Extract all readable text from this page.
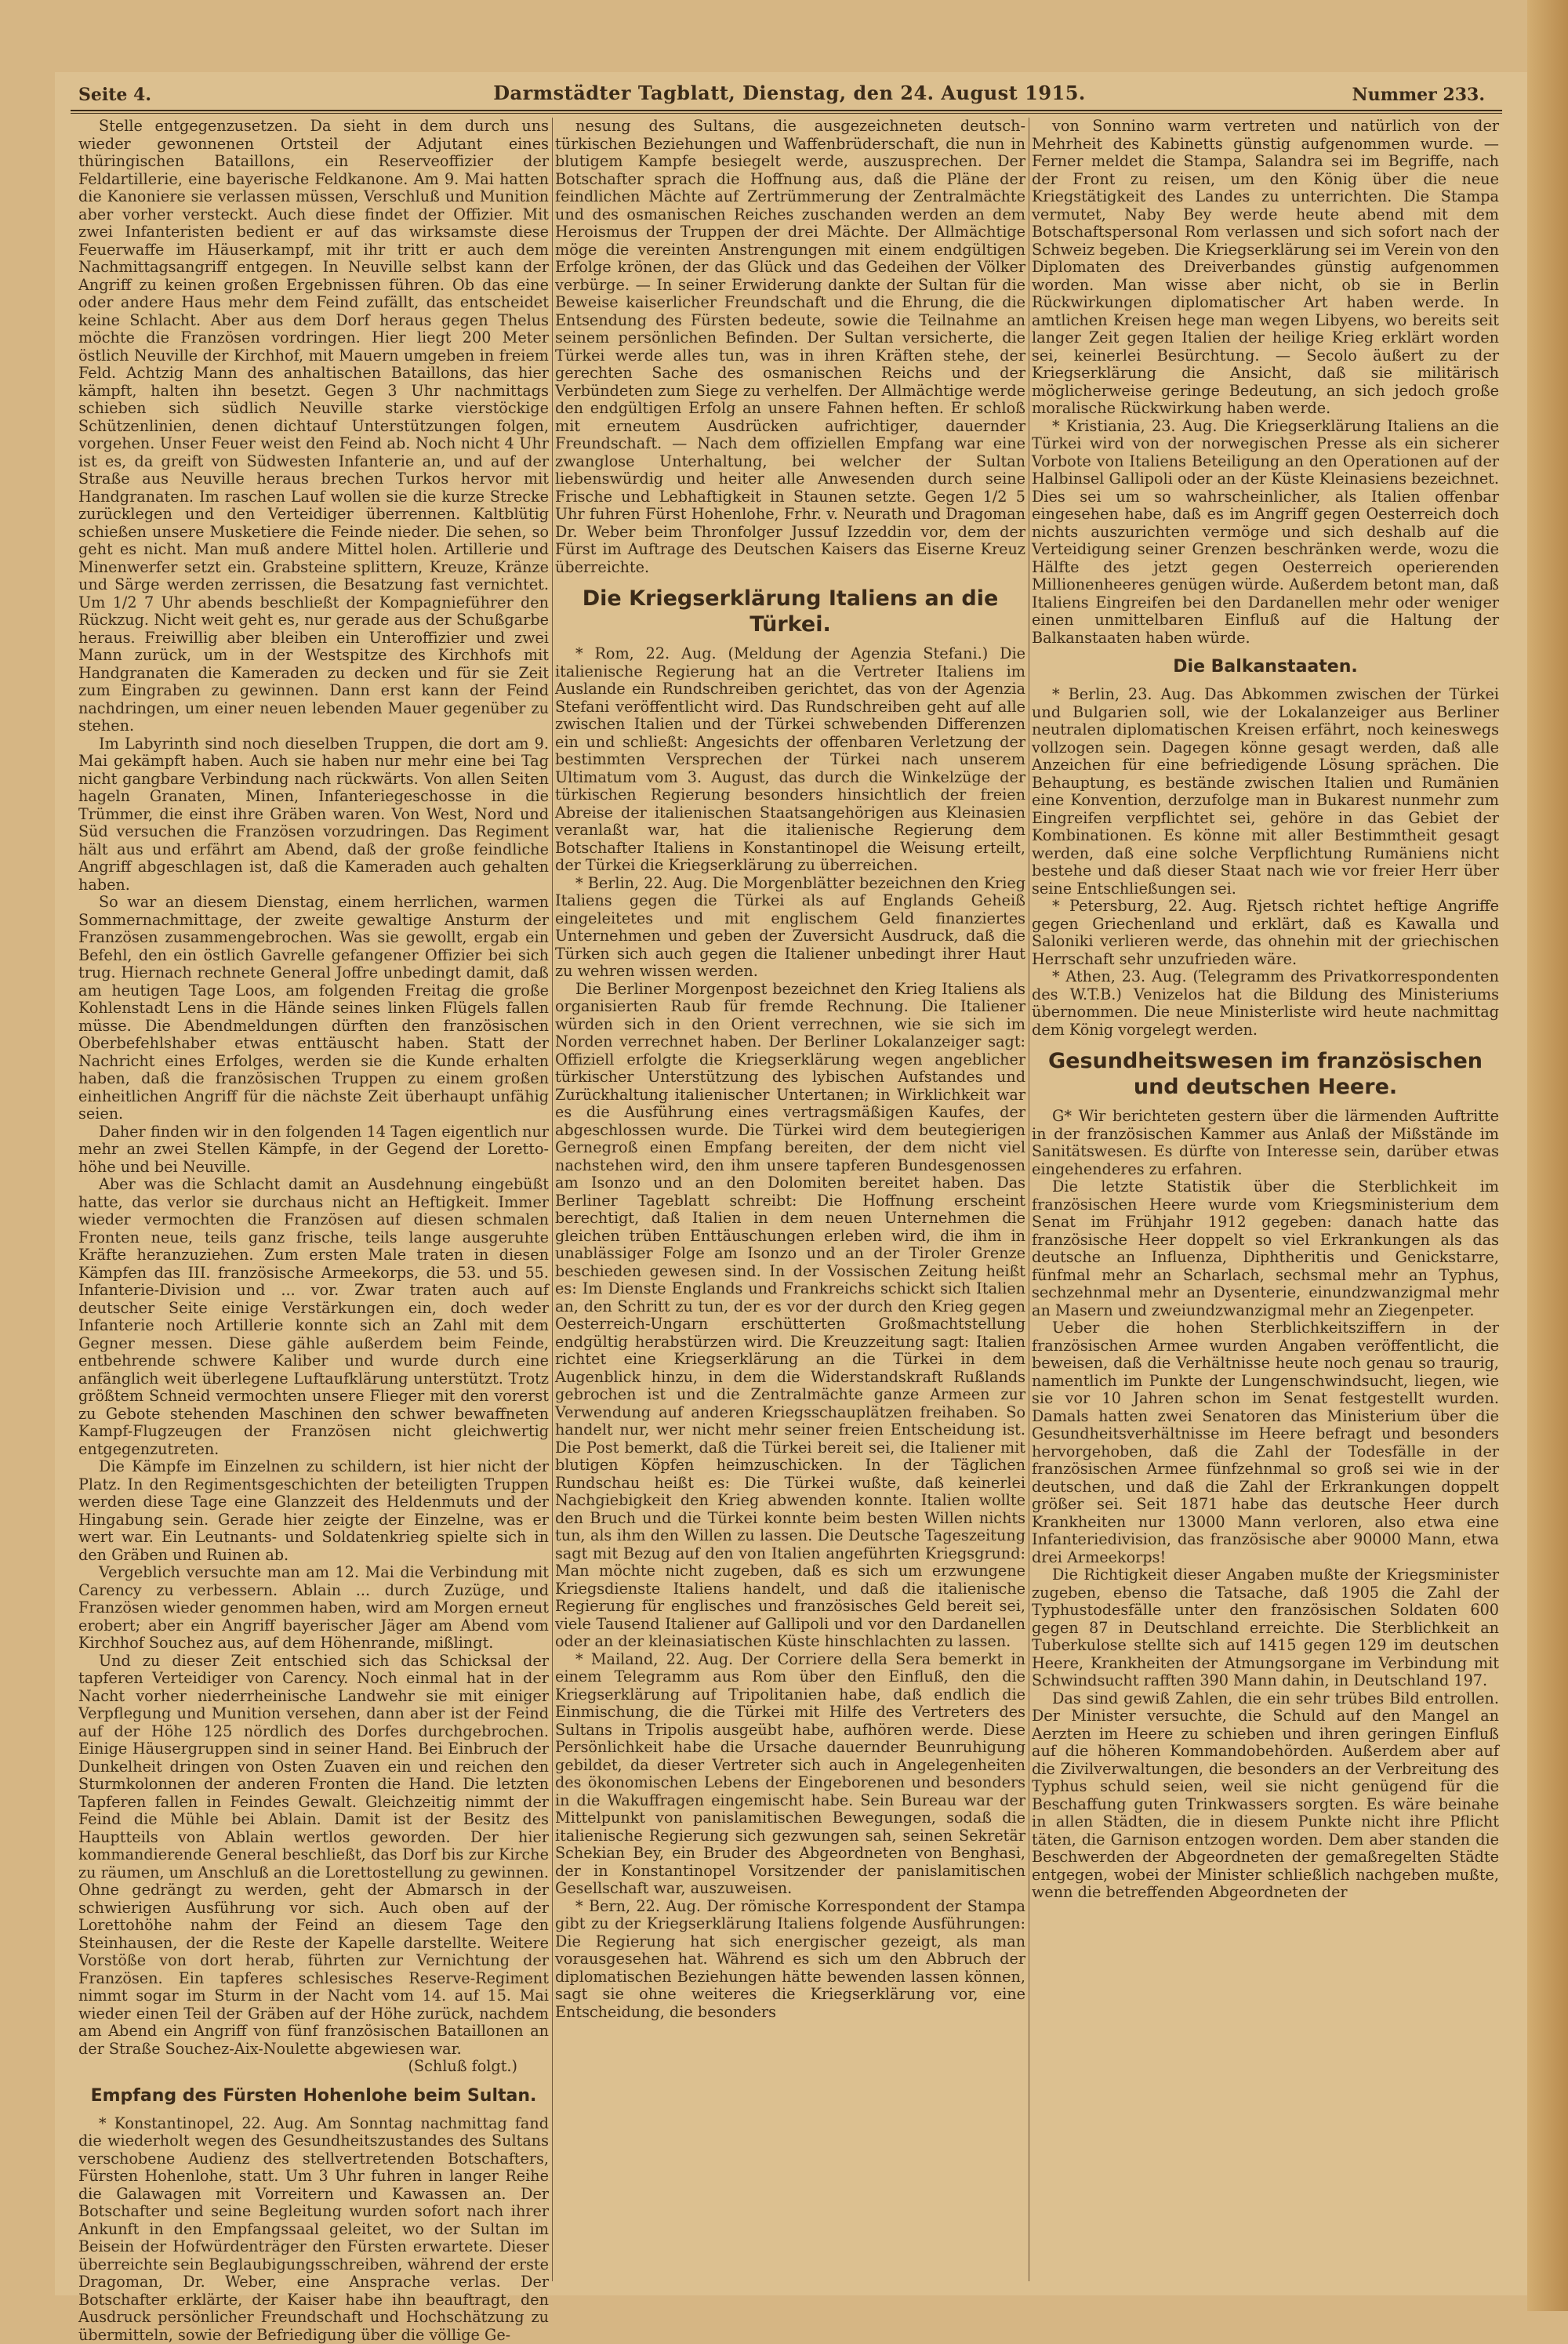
Seite 4.	Darmstädter Tagblatt, Dienstag, den 24. August 1915.	Nummer 233.

Stelle entgegenzusetzen. Da sieht in dem durch uns wieder gewonnenen Ortsteil der Adjutant eines thüringischen Bataillons, ein Reserveoffizier der Feldartillerie, eine bayerische Feldkanone. Am 9. Mai hatten die Kanoniere sie verlassen müssen, Verschluß und Munition aber vorher versteckt. Auch diese findet der Offizier. Mit zwei Infanteristen bedient er auf das wirksamste diese Feuerwaffe im Häuserkampf, mit ihr tritt er auch dem Nachmittagsangriff entgegen. In Neuville selbst kann der Angriff zu keinen großen Ergebnissen führen. Ob das eine oder andere Haus mehr dem Feind zufällt, das entscheidet keine Schlacht. Aber aus dem Dorf heraus gegen Thelus möchte die Französen vordringen. Hier liegt 200 Meter östlich Neuville der Kirchhof, mit Mauern umgeben in freiem Feld. Achtzig Mann des anhaltischen Bataillons, das hier kämpft, halten ihn besetzt. Gegen 3 Uhr nachmittags schieben sich südlich Neuville starke vierstöckige Schützenlinien, denen dichtauf Unterstützungen folgen, vorgehen. Unser Feuer weist den Feind ab. Noch nicht 4 Uhr ist es, da greift von Südwesten Infanterie an, und auf der Straße aus Neuville heraus brechen Turkos hervor mit Handgranaten. Im raschen Lauf wollen sie die kurze Strecke zurücklegen und den Verteidiger überrennen. Kaltblütig schießen unsere Musketiere die Feinde nieder. Die sehen, so geht es nicht. Man muß andere Mittel holen. Artillerie und Minenwerfer setzt ein. Grabsteine splittern, Kreuze, Kränze und Särge werden zerrissen, die Besatzung fast vernichtet. Um 1/2 7 Uhr abends beschließt der Kompagnieführer den Rückzug. Nicht weit geht es, nur gerade aus der Schußgarbe heraus. Freiwillig aber bleiben ein Unteroffizier und zwei Mann zurück, um in der Westspitze des Kirchhofs mit Handgranaten die Kameraden zu decken und für sie Zeit zum Eingraben zu gewinnen. Dann erst kann der Feind nachdringen, um einer neuen lebenden Mauer gegenüber zu stehen.

Im Labyrinth sind noch dieselben Truppen, die dort am 9. Mai gekämpft haben. Auch sie haben nur mehr eine bei Tag nicht gangbare Verbindung nach rückwärts. Von allen Seiten hageln Granaten, Minen, Infanteriegeschosse in die Trümmer, die einst ihre Gräben waren. Von West, Nord und Süd versuchen die Französen vorzudringen. Das Regiment hält aus und erfährt am Abend, daß der große feindliche Angriff abgeschlagen ist, daß die Kameraden auch gehalten haben.

So war an diesem Dienstag, einem herrlichen, warmen Sommernachmittage, der zweite gewaltige Ansturm der Französen zusammengebrochen. Was sie gewollt, ergab ein Befehl, den ein östlich Gavrelle gefangener Offizier bei sich trug. Hiernach rechnete General Joffre unbedingt damit, daß am heutigen Tage Loos, am folgenden Freitag die große Kohlenstadt Lens in die Hände seines linken Flügels fallen müsse. Die Abendmeldungen dürften den französischen Oberbefehlshaber etwas enttäuscht haben. Statt der Nachricht eines Erfolges, werden sie die Kunde erhalten haben, daß die französischen Truppen zu einem großen einheitlichen Angriff für die nächste Zeit überhaupt unfähig seien.

Daher finden wir in den folgenden 14 Tagen eigentlich nur mehr an zwei Stellen Kämpfe, in der Gegend der Lorettohöhe und bei Neuville.

Aber was die Schlacht damit an Ausdehnung eingebüßt hatte, das verlor sie durchaus nicht an Heftigkeit. Immer wieder vermochten die Französen auf diesen schmalen Fronten neue, teils ganz frische, teils lange ausgeruhte Kräfte heranzuziehen. Zum ersten Male traten in diesen Kämpfen das III. französische Armeekorps, die 53. und 55. Infanterie-Division und ... vor. Zwar traten auch auf deutscher Seite einige Verstärkungen ein, doch weder Infanterie noch Artillerie konnte sich an Zahl mit dem Gegner messen. Diese gähle außerdem beim Feinde, entbehrende schwere Kaliber und wurde durch eine anfänglich weit überlegene Luftaufklärung unterstützt. Trotz größtem Schneid vermochten unsere Flieger mit den vorerst zu Gebote stehenden Maschinen den schwer bewaffneten Kampf-Flugzeugen der Französen nicht gleichwertig entgegenzutreten.

Die Kämpfe im Einzelnen zu schildern, ist hier nicht der Platz. In den Regimentsgeschichten der beteiligten Truppen werden diese Tage eine Glanzzeit des Heldenmuts und der Hingabung sein. Gerade hier zeigte der Einzelne, was er wert war. Ein Leutnants- und Soldatenkrieg spielte sich in den Gräben und Ruinen ab.

Vergeblich versuchte man am 12. Mai die Verbindung mit Carency zu verbessern. Ablain ... durch Zuzüge, und Französen wieder genommen haben, wird am Morgen erneut erobert; aber ein Angriff bayerischer Jäger am Abend vom Kirchhof Souchez aus, auf dem Höhenrande, mißlingt.

Und zu dieser Zeit entschied sich das Schicksal der tapferen Verteidiger von Carency. Noch einmal hat in der Nacht vorher niederrheinische Landwehr sie mit einiger Verpflegung und Munition versehen, dann aber ist der Feind auf der Höhe 125 nördlich des Dorfes durchgebrochen. Einige Häusergruppen sind in seiner Hand. Bei Einbruch der Dunkelheit dringen von Osten Zuaven ein und reichen den Sturmkolonnen der anderen Fronten die Hand. Die letzten Tapferen fallen in Feindes Gewalt. Gleichzeitig nimmt der Feind die Mühle bei Ablain. Damit ist der Besitz des Hauptteils von Ablain wertlos geworden. Der hier kommandierende General beschließt, das Dorf bis zur Kirche zu räumen, um Anschluß an die Lorettostellung zu gewinnen. Ohne gedrängt zu werden, geht der Abmarsch in der schwierigen Ausführung vor sich. Auch oben auf der Lorettohöhe nahm der Feind an diesem Tage den Steinhausen, der die Reste der Kapelle darstellte. Weitere Vorstöße von dort herab, führten zur Vernichtung der Französen. Ein tapferes schlesisches Reserve-Regiment nimmt sogar im Sturm in der Nacht vom 14. auf 15. Mai wieder einen Teil der Gräben auf der Höhe zurück, nachdem am Abend ein Angriff von fünf französischen Bataillonen an der Straße Souchez-Aix-Noulette abgewiesen war.

(Schluß folgt.)

Empfang des Fürsten Hohenlohe beim Sultan.

* Konstantinopel, 22. Aug. Am Sonntag nachmittag fand die wiederholt wegen des Gesundheitszustandes des Sultans verschobene Audienz des stellvertretenden Botschafters, Fürsten Hohenlohe, statt. Um 3 Uhr fuhren in langer Reihe die Galawagen mit Vorreitern und Kawassen an. Der Botschafter und seine Begleitung wurden sofort nach ihrer Ankunft in den Empfangssaal geleitet, wo der Sultan im Beisein der Hofwürdenträger den Fürsten erwartete. Dieser überreichte sein Beglaubigungsschreiben, während der erste Dragoman, Dr. Weber, eine Ansprache verlas. Der Botschafter erklärte, der Kaiser habe ihn beauftragt, den Ausdruck persönlicher Freundschaft und Hochschätzung zu übermitteln, sowie der Befriedigung über die völlige Ge-

nesung des Sultans, die ausgezeichneten deutsch-türkischen Beziehungen und Waffenbrüderschaft, die nun in blutigem Kampfe besiegelt werde, auszusprechen. Der Botschafter sprach die Hoffnung aus, daß die Pläne der feindlichen Mächte auf Zertrümmerung der Zentralmächte und des osmanischen Reiches zuschanden werden an dem Heroismus der Truppen der drei Mächte. Der Allmächtige möge die vereinten Anstrengungen mit einem endgültigen Erfolge krönen, der das Glück und das Gedeihen der Völker verbürge. — In seiner Erwiderung dankte der Sultan für die Beweise kaiserlicher Freundschaft und die Ehrung, die die Entsendung des Fürsten bedeute, sowie die Teilnahme an seinem persönlichen Befinden. Der Sultan versicherte, die Türkei werde alles tun, was in ihren Kräften stehe, der gerechten Sache des osmanischen Reichs und der Verbündeten zum Siege zu verhelfen. Der Allmächtige werde den endgültigen Erfolg an unsere Fahnen heften. Er schloß mit erneutem Ausdrücken aufrichtiger, dauernder Freundschaft. — Nach dem offiziellen Empfang war eine zwanglose Unterhaltung, bei welcher der Sultan liebenswürdig und heiter alle Anwesenden durch seine Frische und Lebhaftigkeit in Staunen setzte. Gegen 1/2 5 Uhr fuhren Fürst Hohenlohe, Frhr. v. Neurath und Dragoman Dr. Weber beim Thronfolger Jussuf Izzeddin vor, dem der Fürst im Auftrage des Deutschen Kaisers das Eiserne Kreuz überreichte.

Die Kriegserklärung Italiens an die Türkei.

* Rom, 22. Aug. (Meldung der Agenzia Stefani.) Die italienische Regierung hat an die Vertreter Italiens im Auslande ein Rundschreiben gerichtet, das von der Agenzia Stefani veröffentlicht wird. Das Rundschreiben geht auf alle zwischen Italien und der Türkei schwebenden Differenzen ein und schließt: Angesichts der offenbaren Verletzung der bestimmten Versprechen der Türkei nach unserem Ultimatum vom 3. August, das durch die Winkelzüge der türkischen Regierung besonders hinsichtlich der freien Abreise der italienischen Staatsangehörigen aus Kleinasien veranlaßt war, hat die italienische Regierung dem Botschafter Italiens in Konstantinopel die Weisung erteilt, der Türkei die Kriegserklärung zu überreichen.

* Berlin, 22. Aug. Die Morgenblätter bezeichnen den Krieg Italiens gegen die Türkei als auf Englands Geheiß eingeleitetes und mit englischem Geld finanziertes Unternehmen und geben der Zuversicht Ausdruck, daß die Türken sich auch gegen die Italiener unbedingt ihrer Haut zu wehren wissen werden.

Die Berliner Morgenpost bezeichnet den Krieg Italiens als organisierten Raub für fremde Rechnung. Die Italiener würden sich in den Orient verrechnen, wie sie sich im Norden verrechnet haben. Der Berliner Lokalanzeiger sagt: Offiziell erfolgte die Kriegserklärung wegen angeblicher türkischer Unterstützung des lybischen Aufstandes und Zurückhaltung italienischer Untertanen; in Wirklichkeit war es die Ausführung eines vertragsmäßigen Kaufes, der abgeschlossen wurde. Die Türkei wird dem beutegierigen Gernegroß einen Empfang bereiten, der dem nicht viel nachstehen wird, den ihm unsere tapferen Bundesgenossen am Isonzo und an den Dolomiten bereitet haben. Das Berliner Tageblatt schreibt: Die Hoffnung erscheint berechtigt, daß Italien in dem neuen Unternehmen die gleichen trüben Enttäuschungen erleben wird, die ihm in unablässiger Folge am Isonzo und an der Tiroler Grenze beschieden gewesen sind. In der Vossischen Zeitung heißt es: Im Dienste Englands und Frankreichs schickt sich Italien an, den Schritt zu tun, der es vor der durch den Krieg gegen Oesterreich-Ungarn erschütterten Großmachtstellung endgültig herabstürzen wird. Die Kreuzzeitung sagt: Italien richtet eine Kriegserklärung an die Türkei in dem Augenblick hinzu, in dem die Widerstandskraft Rußlands gebrochen ist und die Zentralmächte ganze Armeen zur Verwendung auf anderen Kriegsschauplätzen freihaben. So handelt nur, wer nicht mehr seiner freien Entscheidung ist. Die Post bemerkt, daß die Türkei bereit sei, die Italiener mit blutigen Köpfen heimzuschicken. In der Täglichen Rundschau heißt es: Die Türkei wußte, daß keinerlei Nachgiebigkeit den Krieg abwenden konnte. Italien wollte den Bruch und die Türkei konnte beim besten Willen nichts tun, als ihm den Willen zu lassen. Die Deutsche Tageszeitung sagt mit Bezug auf den von Italien angeführten Kriegsgrund: Man möchte nicht zugeben, daß es sich um erzwungene Kriegsdienste Italiens handelt, und daß die italienische Regierung für englisches und französisches Geld bereit sei, viele Tausend Italiener auf Gallipoli und vor den Dardanellen oder an der kleinasiatischen Küste hinschlachten zu lassen.

* Mailand, 22. Aug. Der Corriere della Sera bemerkt in einem Telegramm aus Rom über den Einfluß, den die Kriegserklärung auf Tripolitanien habe, daß endlich die Einmischung, die die Türkei mit Hilfe des Vertreters des Sultans in Tripolis ausgeübt habe, aufhören werde. Diese Persönlichkeit habe die Ursache dauernder Beunruhigung gebildet, da dieser Vertreter sich auch in Angelegenheiten des ökonomischen Lebens der Eingeborenen und besonders in die Wakuffragen eingemischt habe. Sein Bureau war der Mittelpunkt von panislamitischen Bewegungen, sodaß die italienische Regierung sich gezwungen sah, seinen Sekretär Schekian Bey, ein Bruder des Abgeordneten von Benghasi, der in Konstantinopel Vorsitzender der panislamitischen Gesellschaft war, auszuweisen.

* Bern, 22. Aug. Der römische Korrespondent der Stampa gibt zu der Kriegserklärung Italiens folgende Ausführungen: Die Regierung hat sich energischer gezeigt, als man vorausgesehen hat. Während es sich um den Abbruch der diplomatischen Beziehungen hätte bewenden lassen können, sagt sie ohne weiteres die Kriegserklärung vor, eine Entscheidung, die besonders

von Sonnino warm vertreten und natürlich von der Mehrheit des Kabinetts günstig aufgenommen wurde. — Ferner meldet die Stampa, Salandra sei im Begriffe, nach der Front zu reisen, um den König über die neue Kriegstätigkeit des Landes zu unterrichten. Die Stampa vermutet, Naby Bey werde heute abend mit dem Botschaftspersonal Rom verlassen und sich sofort nach der Schweiz begeben. Die Kriegserklärung sei im Verein von den Diplomaten des Dreiverbandes günstig aufgenommen worden. Man wisse aber nicht, ob sie in Berlin Rückwirkungen diplomatischer Art haben werde. In amtlichen Kreisen hege man wegen Libyens, wo bereits seit langer Zeit gegen Italien der heilige Krieg erklärt worden sei, keinerlei Besürchtung. — Secolo äußert zu der Kriegserklärung die Ansicht, daß sie militärisch möglicherweise geringe Bedeutung, an sich jedoch große moralische Rückwirkung haben werde.

* Kristiania, 23. Aug. Die Kriegserklärung Italiens an die Türkei wird von der norwegischen Presse als ein sicherer Vorbote von Italiens Beteiligung an den Operationen auf der Halbinsel Gallipoli oder an der Küste Kleinasiens bezeichnet. Dies sei um so wahrscheinlicher, als Italien offenbar eingesehen habe, daß es im Angriff gegen Oesterreich doch nichts auszurichten vermöge und sich deshalb auf die Verteidigung seiner Grenzen beschränken werde, wozu die Hälfte des jetzt gegen Oesterreich operierenden Millionenheeres genügen würde. Außerdem betont man, daß Italiens Eingreifen bei den Dardanellen mehr oder weniger einen unmittelbaren Einfluß auf die Haltung der Balkanstaaten haben würde.

Die Balkanstaaten.

* Berlin, 23. Aug. Das Abkommen zwischen der Türkei und Bulgarien soll, wie der Lokalanzeiger aus Berliner neutralen diplomatischen Kreisen erfährt, noch keineswegs vollzogen sein. Dagegen könne gesagt werden, daß alle Anzeichen für eine befriedigende Lösung sprächen. Die Behauptung, es bestände zwischen Italien und Rumänien eine Konvention, derzufolge man in Bukarest nunmehr zum Eingreifen verpflichtet sei, gehöre in das Gebiet der Kombinationen. Es könne mit aller Bestimmtheit gesagt werden, daß eine solche Verpflichtung Rumäniens nicht bestehe und daß dieser Staat nach wie vor freier Herr über seine Entschließungen sei.

* Petersburg, 22. Aug. Rjetsch richtet heftige Angriffe gegen Griechenland und erklärt, daß es Kawalla und Saloniki verlieren werde, das ohnehin mit der griechischen Herrschaft sehr unzufrieden wäre.

* Athen, 23. Aug. (Telegramm des Privatkorrespondenten des W.T.B.) Venizelos hat die Bildung des Ministeriums übernommen. Die neue Ministerliste wird heute nachmittag dem König vorgelegt werden.

Gesundheitswesen im französischen und deutschen Heere.

G* Wir berichteten gestern über die lärmenden Auftritte in der französischen Kammer aus Anlaß der Mißstände im Sanitätswesen. Es dürfte von Interesse sein, darüber etwas eingehenderes zu erfahren.

Die letzte Statistik über die Sterblichkeit im französischen Heere wurde vom Kriegsministerium dem Senat im Frühjahr 1912 gegeben: danach hatte das französische Heer doppelt so viel Erkrankungen als das deutsche an Influenza, Diphtheritis und Genickstarre, fünfmal mehr an Scharlach, sechsmal mehr an Typhus, sechzehnmal mehr an Dysenterie, einundzwanzigmal mehr an Masern und zweiundzwanzigmal mehr an Ziegenpeter.

Ueber die hohen Sterblichkeitsziffern in der französischen Armee wurden Angaben veröffentlicht, die beweisen, daß die Verhältnisse heute noch genau so traurig, namentlich im Punkte der Lungenschwindsucht, liegen, wie sie vor 10 Jahren schon im Senat festgestellt wurden. Damals hatten zwei Senatoren das Ministerium über die Gesundheitsverhältnisse im Heere befragt und besonders hervorgehoben, daß die Zahl der Todesfälle in der französischen Armee fünfzehnmal so groß sei wie in der deutschen, und daß die Zahl der Erkrankungen doppelt größer sei. Seit 1871 habe das deutsche Heer durch Krankheiten nur 13000 Mann verloren, also etwa eine Infanteriedivision, das französische aber 90000 Mann, etwa drei Armeekorps!

Die Richtigkeit dieser Angaben mußte der Kriegsminister zugeben, ebenso die Tatsache, daß 1905 die Zahl der Typhustodesfälle unter den französischen Soldaten 600 gegen 87 in Deutschland erreichte. Die Sterblichkeit an Tuberkulose stellte sich auf 1415 gegen 129 im deutschen Heere, Krankheiten der Atmungsorgane im Verbindung mit Schwindsucht rafften 390 Mann dahin, in Deutschland 197.

Das sind gewiß Zahlen, die ein sehr trübes Bild entrollen. Der Minister versuchte, die Schuld auf den Mangel an Aerzten im Heere zu schieben und ihren geringen Einfluß auf die höheren Kommandobehörden. Außerdem aber auf die Zivilverwaltungen, die besonders an der Verbreitung des Typhus schuld seien, weil sie nicht genügend für die Beschaffung guten Trinkwassers sorgten. Es wäre beinahe in allen Städten, die in diesem Punkte nicht ihre Pflicht täten, die Garnison entzogen worden. Dem aber standen die Beschwerden der Abgeordneten der gemaßregelten Städte entgegen, wobei der Minister schließlich nachgeben mußte, wenn die betreffenden Abgeordneten der
